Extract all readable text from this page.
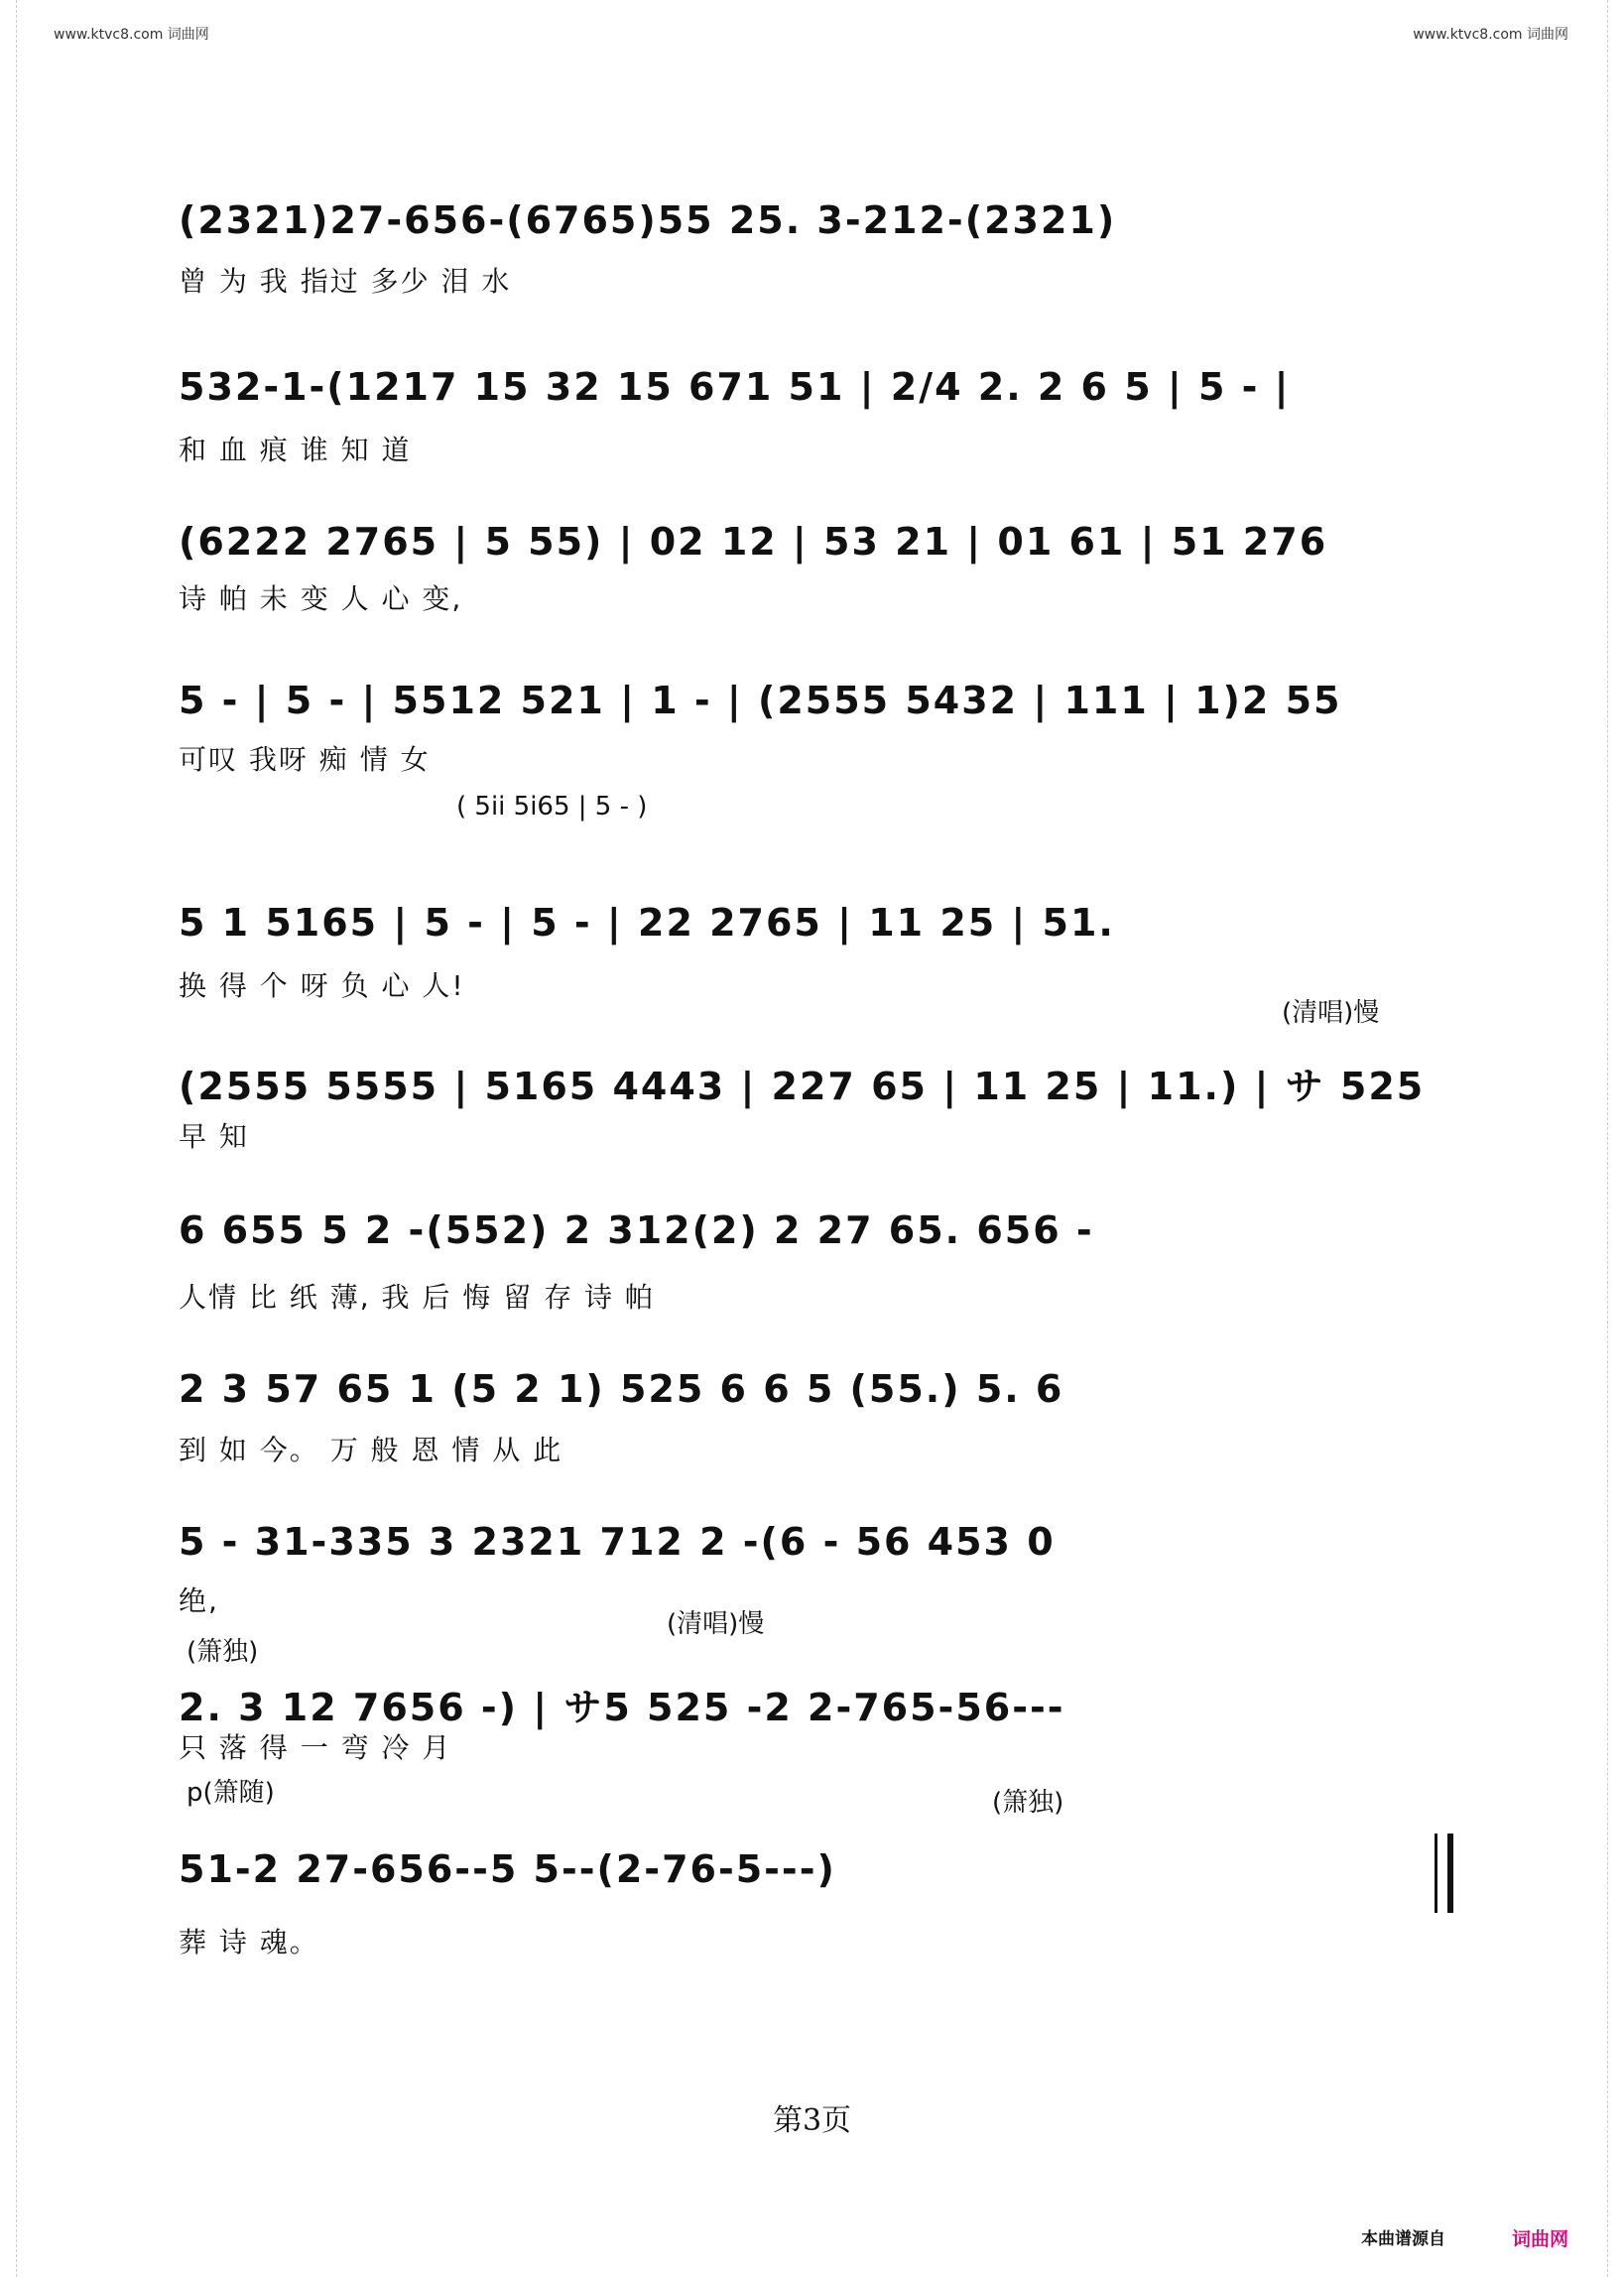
www.ktvc8.com 词曲网	www.ktvc8.com 词曲网
(2321)27-656-(6765)55 25. 3-212-(2321)
曾 为 我 指过 多少 泪 水
532-1-(1217 15 32 15 671 51 | 2/4 2. 2 6 5 | 5 - |
和 血 痕 谁 知 道
(6222 2765 | 5 55) | 02 12 | 53 21 | 01 61 | 51 276
诗 帕 未 变 人 心 变,
5 - | 5 - | 5512 521 | 1 - | (2555 5432 | 111 | 1)2 55
可叹 我呀 痴 情 女
( 5ii 5i65 | 5 - )
5 1 5165 | 5 - | 5 - | 22 2765 | 11 25 | 51.
换 得 个 呀 负 心 人!
(清唱)慢
(2555 5555 | 5165 4443 | 227 65 | 11 25 | 11.) | サ 525
早 知
6 655 5 2 -(552) 2 312(2) 2 27 65. 656 -
人情 比 纸 薄, 我 后 悔 留 存 诗 帕
2 3 57 65 1 (5 2 1) 525 6 6 5 (55.) 5. 6
到 如 今。 万 般 恩 情 从 此
5 - 31-335 3 2321 712 2 -(6 - 56 453 0
绝,
(箫独)
(清唱)慢
2. 3 12 7656 -) | サ5 525 -2 2-765-56---
只 落 得 一 弯 冷 月
p(箫随)	(箫独)
51-2 27-656--5 5--(2-76-5---)
葬 诗 魂。
第3页
本曲谱源自	词曲网
